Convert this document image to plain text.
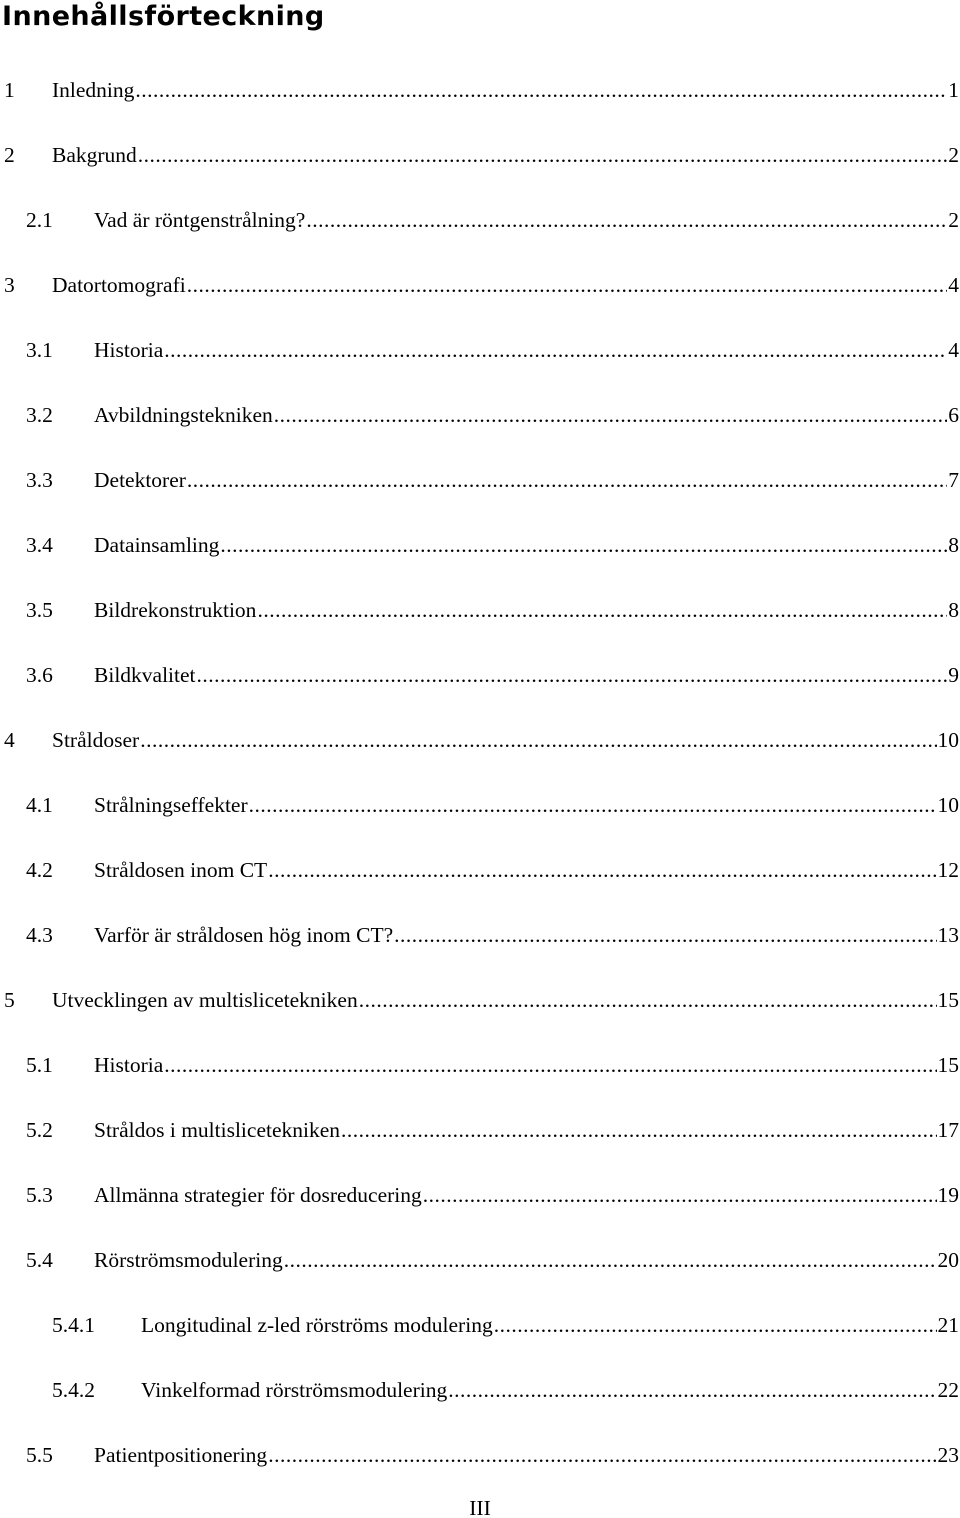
Innehållsförteckning
1	Inledning .....	1
2	Bakgrund .....	2
2.1	Vad är röntgenstrålning? .....	2
3	Datortomografi .....	4
3.1	Historia .....	4
3.2	Avbildningstekniken .....	6
3.3	Detektorer .....	7
3.4	Datainsamling .....	8
3.5	Bildrekonstruktion .....	8
3.6	Bildkvalitet .....	9
4	Stråldoser .....	10
4.1	Strålningseffekter .....	10
4.2	Stråldosen inom CT .....	12
4.3	Varför är stråldosen hög inom CT? .....	13
5	Utvecklingen av multislicetekniken .....	15
5.1	Historia .....	15
5.2	Stråldos i multislicetekniken .....	17
5.3	Allmänna strategier för dosreducering .....	19
5.4	Rörströmsmodulering .....	20
5.4.1	Longitudinal z-led rörströms modulering .....	21
5.4.2	Vinkelformad rörströmsmodulering .....	22
5.5	Patientpositionering .....	23
III
